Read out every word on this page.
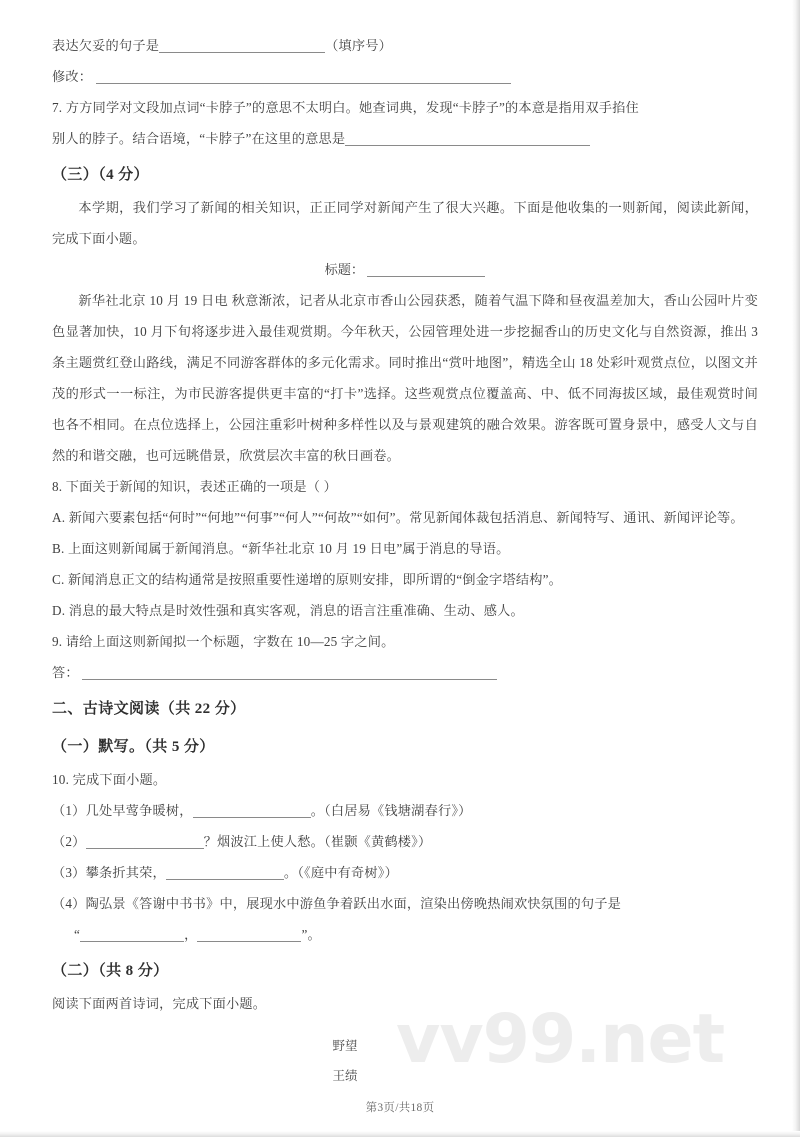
vv99.net
表达欠妥的句子是	（填序号）
修改：
7. 方方同学对文段加点词“卡脖子”的意思不太明白。她查词典，发现“卡脖子”的本意是指用双手掐住
别人的脖子。结合语境，“卡脖子”在这里的意思是
（三）（4 分）
本学期，我们学习了新闻的相关知识，正正同学对新闻产生了很大兴趣。下面是他收集的一则新闻，阅读此新闻，完成下面小题。
标题：
新华社北京 10 月 19 日电 秋意渐浓，记者从北京市香山公园获悉，随着气温下降和昼夜温差加大，香山公园叶片变色显著加快，10 月下旬将逐步进入最佳观赏期。今年秋天，公园管理处进一步挖掘香山的历史文化与自然资源，推出 3 条主题赏红登山路线，满足不同游客群体的多元化需求。同时推出“赏叶地图”，精选全山 18 处彩叶观赏点位，以图文并茂的形式一一标注，为市民游客提供更丰富的“打卡”选择。这些观赏点位覆盖高、中、低不同海拔区域，最佳观赏时间也各不相同。在点位选择上，公园注重彩叶树种多样性以及与景观建筑的融合效果。游客既可置身景中，感受人文与自然的和谐交融，也可远眺借景，欣赏层次丰富的秋日画卷。
8. 下面关于新闻的知识，表述正确的一项是（ ）
A. 新闻六要素包括“何时”“何地”“何事”“何人”“何故”“如何”。常见新闻体裁包括消息、新闻特写、通讯、新闻评论等。
B. 上面这则新闻属于新闻消息。“新华社北京 10 月 19 日电”属于消息的导语。
C. 新闻消息正文的结构通常是按照重要性递增的原则安排，即所谓的“倒金字塔结构”。
D. 消息的最大特点是时效性强和真实客观，消息的语言注重准确、生动、感人。
9. 请给上面这则新闻拟一个标题，字数在 10—25 字之间。
答：
二、古诗文阅读（共 22 分）
（一）默写。（共 5 分）
10. 完成下面小题。
（1）几处早莺争暖树，	。（白居易《钱塘湖春行》）
（2）	？烟波江上使人愁。（崔颢《黄鹤楼》）
（3）攀条折其荣，	。（《庭中有奇树》）
（4）陶弘景《答谢中书书》中，展现水中游鱼争着跃出水面，渲染出傍晚热闹欢快氛围的句子是
“	，	”。
（二）（共 8 分）
阅读下面两首诗词，完成下面小题。
野望
王绩
第3页/共18页
